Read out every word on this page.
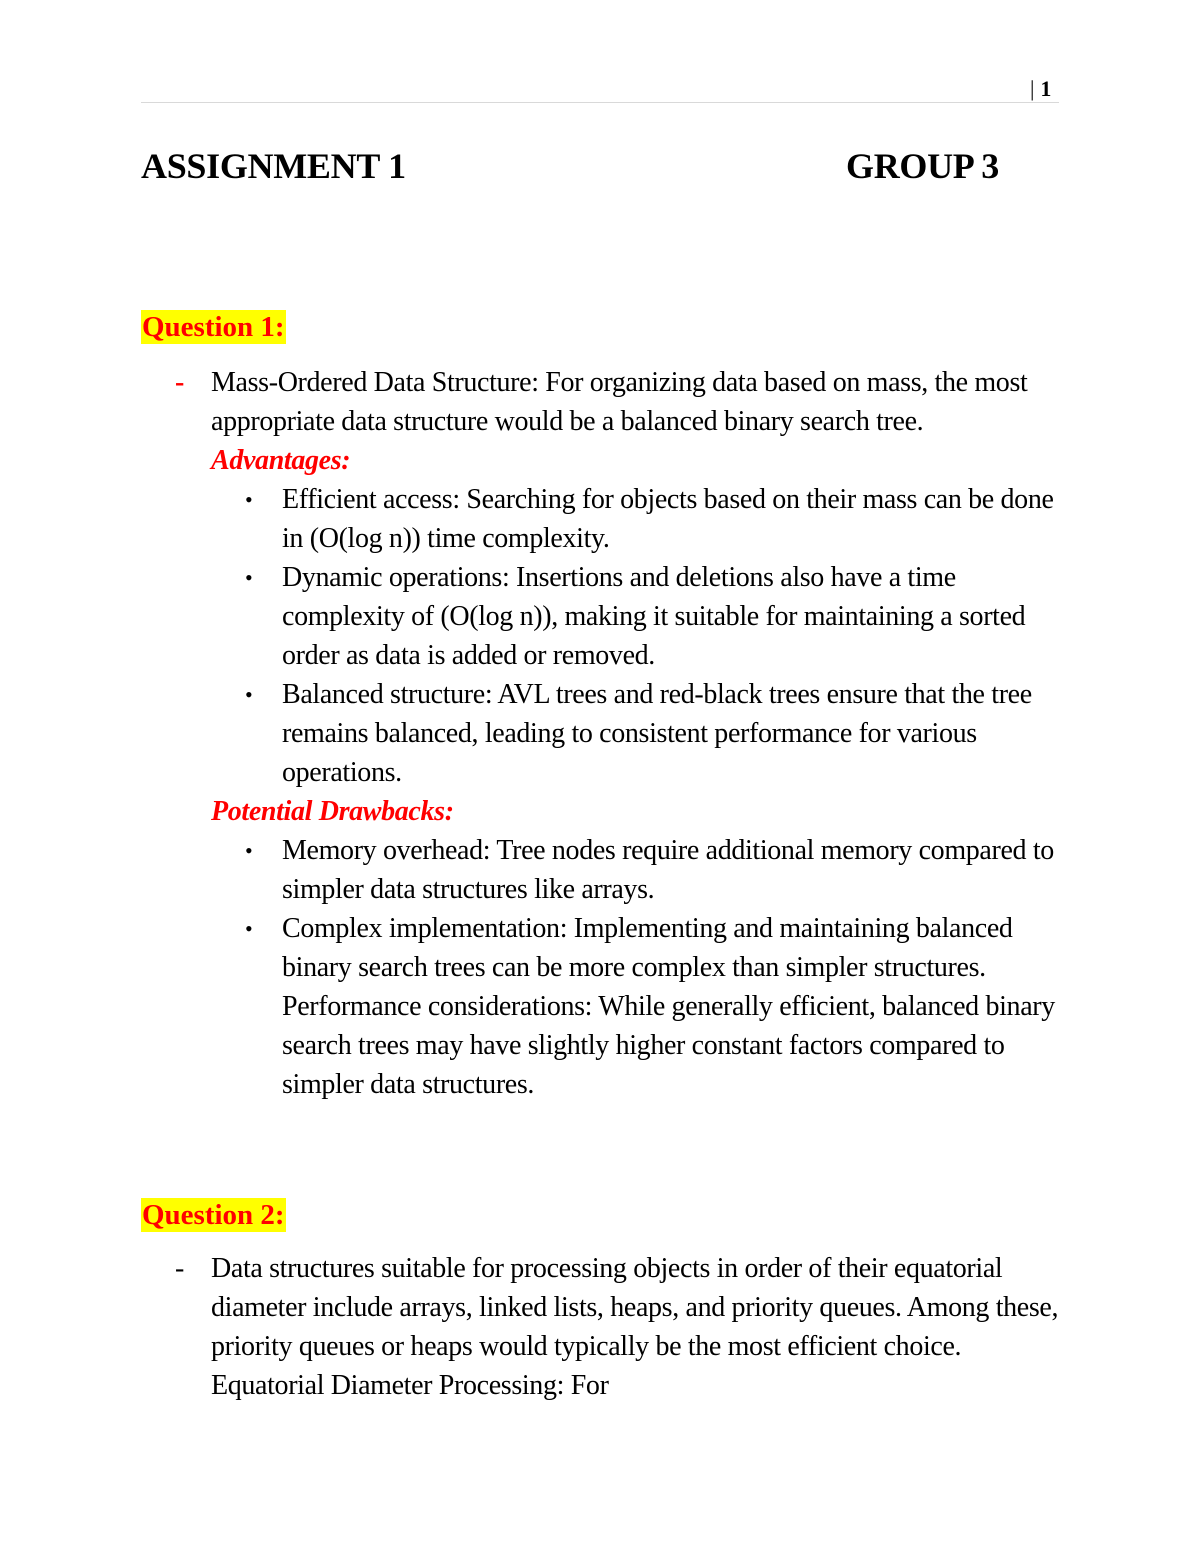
| 1
ASSIGNMENT 1	GROUP 3
Question 1:
- Mass-Ordered Data Structure: For organizing data based on mass, the most appropriate data structure would be a balanced binary search tree.
Advantages:
• Efficient access: Searching for objects based on their mass can be done in (O(log n)) time complexity.
• Dynamic operations: Insertions and deletions also have a time complexity of (O(log n)), making it suitable for maintaining a sorted order as data is added or removed.
• Balanced structure: AVL trees and red-black trees ensure that the tree remains balanced, leading to consistent performance for various operations.
Potential Drawbacks:
• Memory overhead: Tree nodes require additional memory compared to simpler data structures like arrays.
• Complex implementation: Implementing and maintaining balanced binary search trees can be more complex than simpler structures. Performance considerations: While generally efficient, balanced binary search trees may have slightly higher constant factors compared to simpler data structures.
Question 2:
- Data structures suitable for processing objects in order of their equatorial diameter include arrays, linked lists, heaps, and priority queues. Among these, priority queues or heaps would typically be the most efficient choice. Equatorial Diameter Processing: For
